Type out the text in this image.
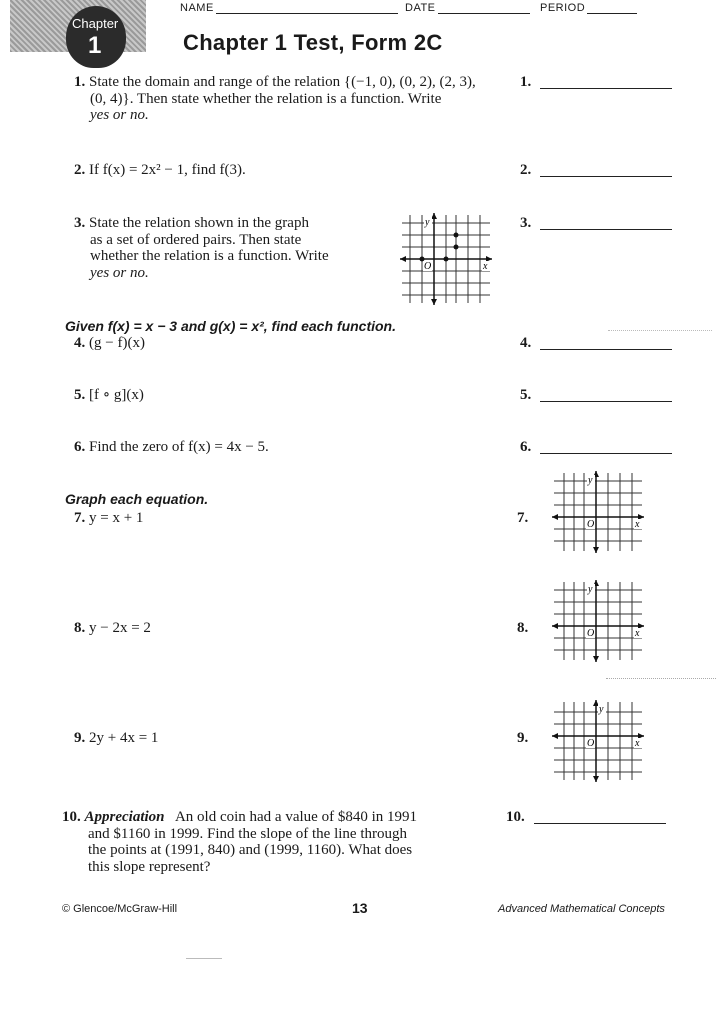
Chapter
1
NAME	DATE	PERIOD
Chapter 1 Test, Form 2C
1. State the domain and range of the relation {(−1, 0), (0, 2), (2, 3),
(0, 4)}. Then state whether the relation is a function. Write
yes or no.
2. If f(x) = 2x² − 1, find f(3).
3. State the relation shown in the graph
as a set of ordered pairs. Then state
whether the relation is a function. Write
yes or no.
y
O	x
Given f(x) = x − 3 and g(x) = x², find each function.
4. (g − f)(x)
5. [f ∘ g](x)
6. Find the zero of f(x) = 4x − 5.
Graph each equation.
7. y = x + 1
8. y − 2x = 2
9. 2y + 4x = 1
10. Appreciation An old coin had a value of $840 in 1991
and $1160 in 1999. Find the slope of the line through
the points at (1991, 840) and (1999, 1160). What does
this slope represent?
1.
2.
3.
4.
5.
6.
7.
8.
9.
10.
y
O	x
y
O	x
y
O	x
© Glencoe/McGraw-Hill	13	Advanced Mathematical Concepts
